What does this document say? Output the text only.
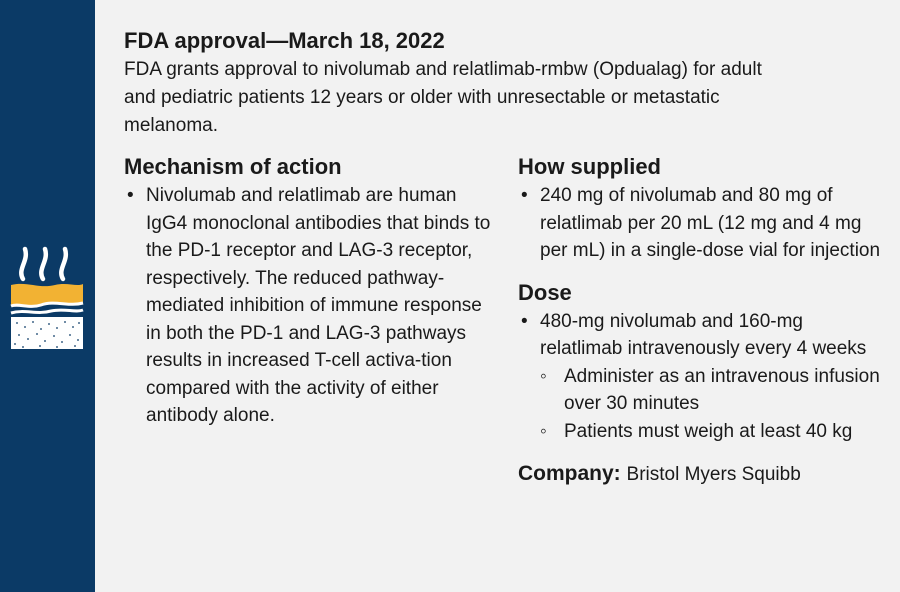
FDA approval—March 18, 2022

FDA grants approval to nivolumab and relatlimab-rmbw (Opdualag) for adult and pediatric patients 12 years or older with unresectable or metastatic melanoma.

Mechanism of action
• Nivolumab and relatlimab are human IgG4 monoclonal antibodies that binds to the PD-1 receptor and LAG-3 receptor, respectively. The reduced pathway-mediated inhibition of immune response in both the PD-1 and LAG-3 pathways results in increased T-cell activa-tion compared with the activity of either antibody alone.
How supplied
• 240 mg of nivolumab and 80 mg of relatlimab per 20 mL (12 mg and 4 mg per mL) in a single-dose vial for injection
Dose
• 480-mg nivolumab and 160-mg relatlimab intravenously every 4 weeks
◦ Administer as an intravenous infusion over 30 minutes
◦ Patients must weigh at least 40 kg
Company: Bristol Myers Squibb
